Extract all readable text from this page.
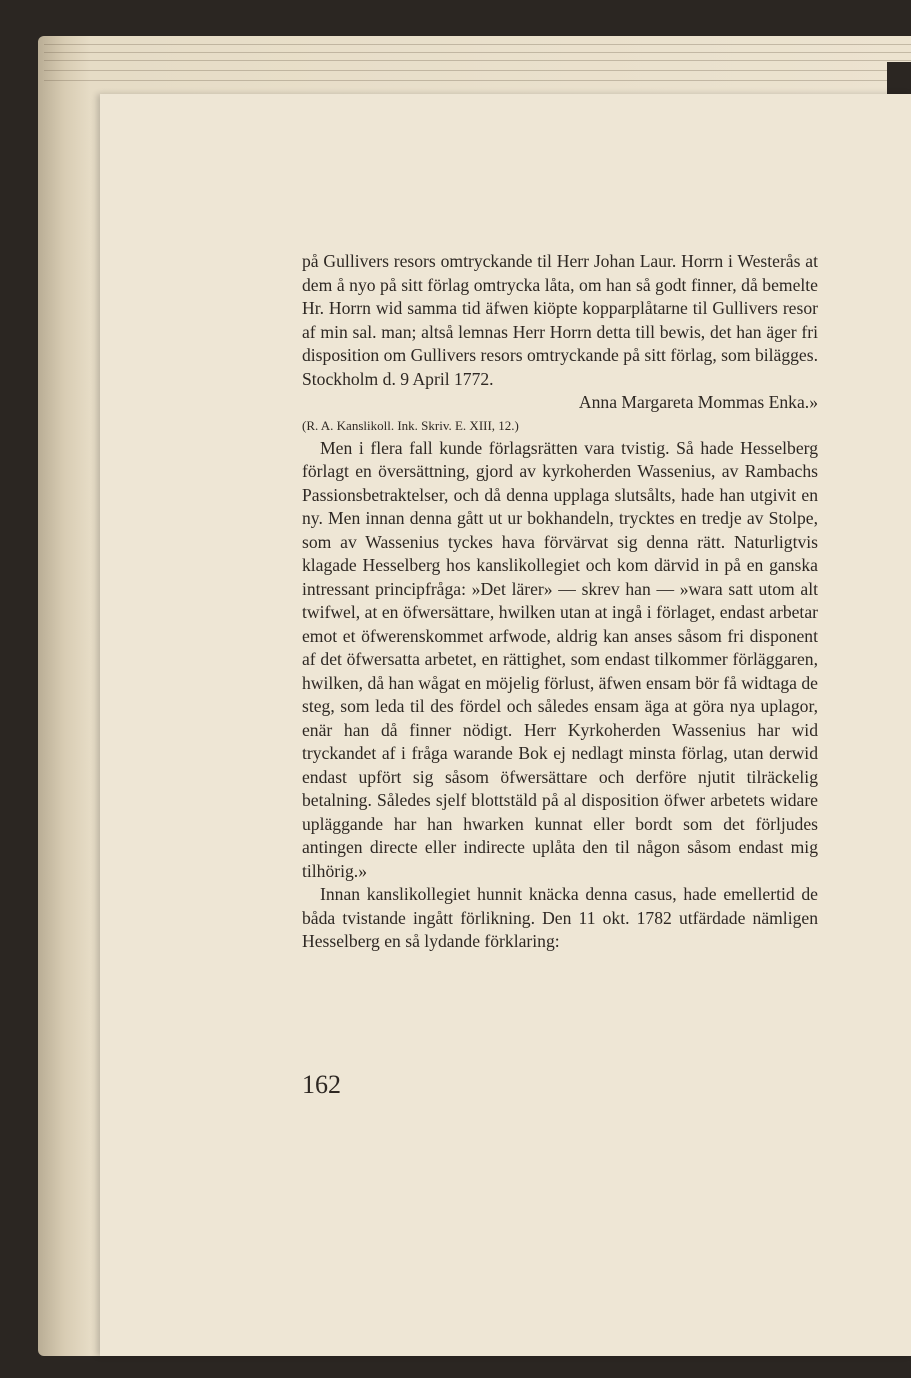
på Gullivers resors omtryckande til Herr Johan Laur. Horrn i Westerås at dem å nyo på sitt förlag omtrycka låta, om han så godt finner, då bemelte Hr. Horrn wid samma tid äfwen kiöpte kopparplåtarne til Gullivers resor af min sal. man; altså lemnas Herr Horrn detta till bewis, det han äger fri disposition om Gullivers resors omtryckande på sitt förlag, som bilägges. Stockholm d. 9 April 1772.

Anna Margareta Mommas Enka.»

(R. A. Kanslikoll. Ink. Skriv. E. XIII, 12.)

Men i flera fall kunde förlagsrätten vara tvistig. Så hade Hesselberg förlagt en översättning, gjord av kyrkoherden Wassenius, av Rambachs Passionsbetraktelser, och då denna upplaga slutsålts, hade han utgivit en ny. Men innan denna gått ut ur bokhandeln, trycktes en tredje av Stolpe, som av Wassenius tyckes hava förvärvat sig denna rätt. Naturligtvis klagade Hesselberg hos kanslikollegiet och kom därvid in på en ganska intressant principfråga: »Det lärer» — skrev han — »wara satt utom alt twifwel, at en öfwersättare, hwilken utan at ingå i förlaget, endast arbetar emot et öfwerenskommet arfwode, aldrig kan anses såsom fri disponent af det öfwersatta arbetet, en rättighet, som endast tilkommer förläggaren, hwilken, då han wågat en möjelig förlust, äfwen ensam bör få widtaga de steg, som leda til des fördel och således ensam äga at göra nya uplagor, enär han då finner nödigt. Herr Kyrkoherden Wassenius har wid tryckandet af i fråga warande Bok ej nedlagt minsta förlag, utan derwid endast upfört sig såsom öfwersättare och derföre njutit tilräckelig betalning. Således sjelf blottstäld på al disposition öfwer arbetets widare upläggande har han hwarken kunnat eller bordt som det förljudes antingen directe eller indirecte uplåta den til någon såsom endast mig tilhörig.»

Innan kanslikollegiet hunnit knäcka denna casus, hade emellertid de båda tvistande ingått förlikning. Den 11 okt. 1782 utfärdade nämligen Hesselberg en så lydande förklaring:

162
